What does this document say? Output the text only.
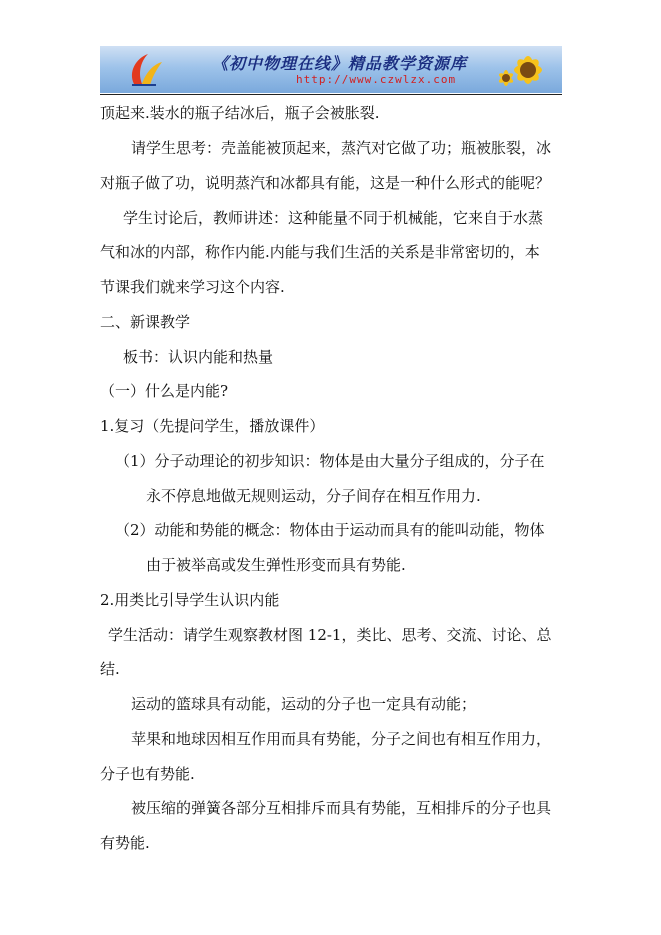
《初中物理在线》精品教学资源库
http://www.czwlzx.com
顶起来.装水的瓶子结冰后，瓶子会被胀裂.
请学生思考：壳盖能被顶起来，蒸汽对它做了功；瓶被胀裂，冰
对瓶子做了功，说明蒸汽和冰都具有能，这是一种什么形式的能呢？
学生讨论后，教师讲述：这种能量不同于机械能，它来自于水蒸
气和冰的内部，称作内能.内能与我们生活的关系是非常密切的，本
节课我们就来学习这个内容.
二、新课教学
板书：认识内能和热量
（一）什么是内能?
1.复习（先提问学生，播放课件）
（1）分子动理论的初步知识：物体是由大量分子组成的，分子在
永不停息地做无规则运动，分子间存在相互作用力.
（2）动能和势能的概念：物体由于运动而具有的能叫动能，物体
由于被举高或发生弹性形变而具有势能.
2.用类比引导学生认识内能
学生活动：请学生观察教材图 12-1，类比、思考、交流、讨论、总
结.
运动的篮球具有动能，运动的分子也一定具有动能；
苹果和地球因相互作用而具有势能，分子之间也有相互作用力，
分子也有势能.
被压缩的弹簧各部分互相排斥而具有势能，互相排斥的分子也具
有势能.
